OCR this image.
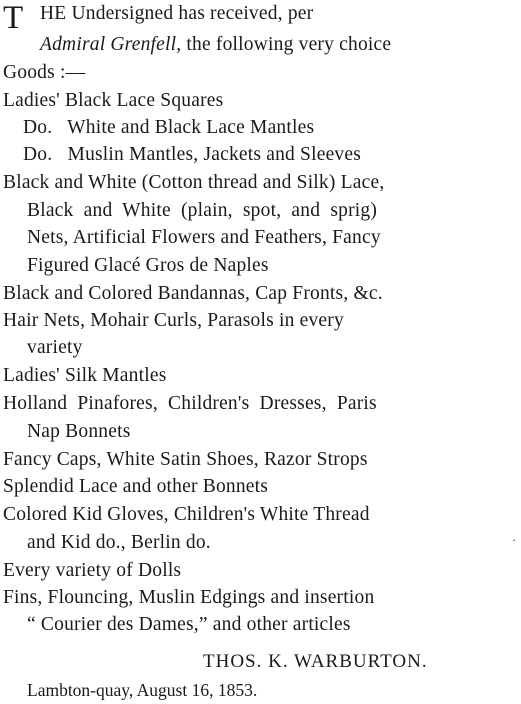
T HE Undersigned has received, per
Admiral Grenfell, the following very choice
Goods :—
Ladies' Black Lace Squares
Do.   White and Black Lace Mantles
Do.   Muslin Mantles, Jackets and Sleeves
Black and White (Cotton thread and Silk) Lace,
Black  and  White  (plain,  spot,  and  sprig)
Nets, Artificial Flowers and Feathers, Fancy
Figured Glacé Gros de Naples
Black and Colored Bandannas, Cap Fronts, &c.
Hair Nets, Mohair Curls, Parasols in every
variety
Ladies' Silk Mantles
Holland  Pinafores,  Children's  Dresses,  Paris
Nap Bonnets
Fancy Caps, White Satin Shoes, Razor Strops
Splendid Lace and other Bonnets
Colored Kid Gloves, Children's White Thread
and Kid do., Berlin do.
Every variety of Dolls
Fins, Flouncing, Muslin Edgings and insertion
“ Courier des Dames,” and other articles
·
THOS. K. WARBURTON.
Lambton-quay, August 16, 1853.
